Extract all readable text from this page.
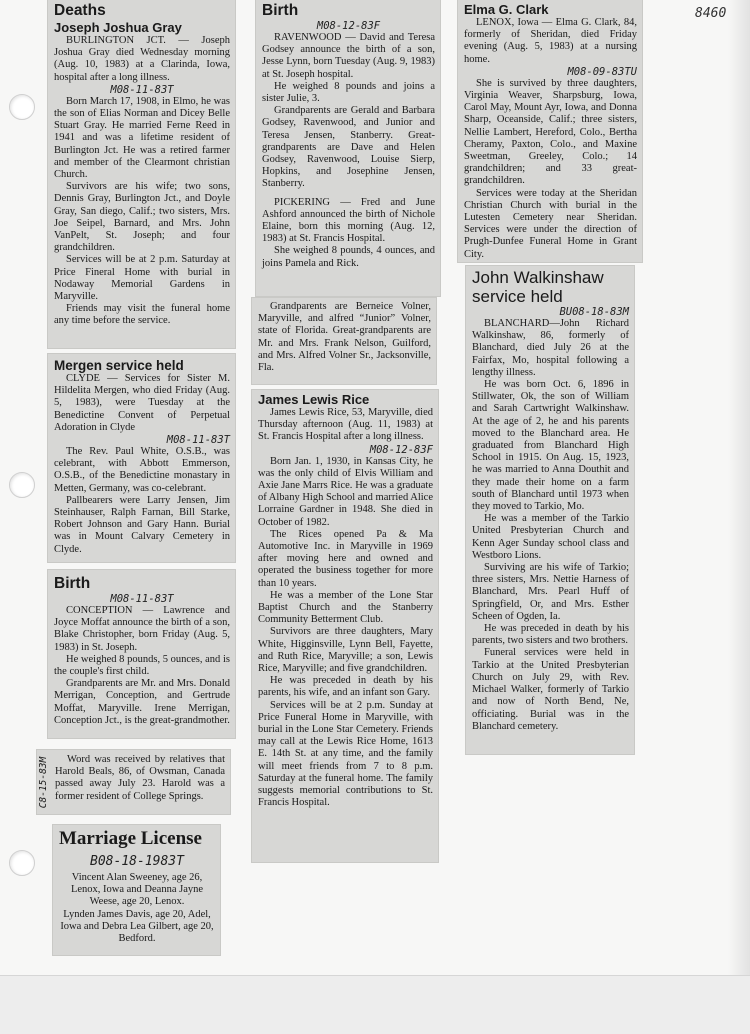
8460
Deaths
Joseph Joshua Gray

BURLINGTON JCT. — Joseph Joshua Gray died Wednesday morning (Aug. 10, 1983) at a Clarinda, Iowa, hospital after a long illness.

M08-11-83T

Born March 17, 1908, in Elmo, he was the son of Elias Norman and Dicey Belle Stuart Gray. He married Ferne Reed in 1941 and was a lifetime resident of Burlington Jct. He was a retired farmer and member of the Clearmont christian Church.

Survivors are his wife; two sons, Dennis Gray, Burlington Jct., and Doyle Gray, San diego, Calif.; two sisters, Mrs. Joe Seipel, Barnard, and Mrs. John VanPelt, St. Joseph; and four grandchildren.

Services will be at 2 p.m. Saturday at Price Fineral Home with burial in Nodaway Memorial Gardens in Maryville.

Friends may visit the funeral home any time before the service.

Mergen service held

CLYDE — Services for Sister M. Hildelita Mergen, who died Friday (Aug. 5, 1983), were Tuesday at the Benedictine Convent of Perpetual Adoration in Clyde

M08-11-83T

The Rev. Paul White, O.S.B., was celebrant, with Abbott Emmerson, O.S.B., of the Benedictine monastary in Metten, Germany, was co-celebrant.

Pallbearers were Larry Jensen, Jim Steinhauser, Ralph Farnan, Bill Starke, Robert Johnson and Gary Hann. Burial was in Mount Calvary Cemetery in Clyde.

Birth
M08-11-83T

CONCEPTION — Lawrence and Joyce Moffat announce the birth of a son, Blake Christopher, born Friday (Aug. 5, 1983) in St. Joseph.

He weighed 8 pounds, 5 ounces, and is the couple's first child.

Grandparents are Mr. and Mrs. Donald Merrigan, Conception, and Gertrude Moffat, Maryville. Irene Merrigan, Conception Jct., is the great-grandmother.

C8-15-83M	Word was received by relatives that Harold Beals, 86, of Owsman, Canada passed away July 23. Harold was a former resident of College Springs.

Marriage License
B08-18-1983T

Vincent Alan Sweeney, age 26, Lenox, Iowa and Deanna Jayne Weese, age 20, Lenox.

Lynden James Davis, age 20, Adel, Iowa and Debra Lea Gilbert, age 20, Bedford.

Birth
M08-12-83F

RAVENWOOD — David and Teresa Godsey announce the birth of a son, Jesse Lynn, born Tuesday (Aug. 9, 1983) at St. Joseph hospital.

He weighed 8 pounds and joins a sister Julie, 3.

Grandparents are Gerald and Barbara Godsey, Ravenwood, and Junior and Teresa Jensen, Stanberry. Great-grandparents are Dave and Helen Godsey, Ravenwood, Louise Sierp, Hopkins, and Josephine Jensen, Stanberry.

PICKERING — Fred and June Ashford announced the birth of Nichole Elaine, born this morning (Aug. 12, 1983) at St. Francis Hospital.

She weighed 8 pounds, 4 ounces, and joins Pamela and Rick.

Grandparents are Berneice Volner, Maryville, and alfred “Junior” Volner, state of Florida. Great-grandparents are Mr. and Mrs. Frank Nelson, Guilford, and Mrs. Alfred Volner Sr., Jacksonville, Fla.

James Lewis Rice

James Lewis Rice, 53, Maryville, died Thursday afternoon (Aug. 11, 1983) at St. Francis Hospital after a long illness.

M08-12-83F

Born Jan. 1, 1930, in Kansas City, he was the only child of Elvis William and Axie Jane Marrs Rice. He was a graduate of Albany High School and married Alice Lorraine Gardner in 1948. She died in October of 1982.

The Rices opened Pa & Ma Automotive Inc. in Maryville in 1969 after moving here and owned and operated the business together for more than 10 years.

He was a member of the Lone Star Baptist Church and the Stanberry Community Betterment Club.

Survivors are three daughters, Mary White, Higginsville, Lynn Bell, Fayette, and Ruth Rice, Maryville; a son, Lewis Rice, Maryville; and five grandchildren.

He was preceded in death by his parents, his wife, and an infant son Gary.

Services will be at 2 p.m. Sunday at Price Funeral Home in Maryville, with burial in the Lone Star Cemetery. Friends may call at the Lewis Rice Home, 1613 E. 14th St. at any time, and the family will meet friends from 7 to 8 p.m. Saturday at the funeral home. The family suggests memorial contributions to St. Francis Hospital.

Elma G. Clark

LENOX, Iowa — Elma G. Clark, 84, formerly of Sheridan, died Friday evening (Aug. 5, 1983) at a nursing home.

M08-09-83TU

She is survived by three daughters, Virginia Weaver, Sharpsburg, Iowa, Carol May, Mount Ayr, Iowa, and Donna Sharp, Oceanside, Calif.; three sisters, Nellie Lambert, Hereford, Colo., Bertha Cheramy, Paxton, Colo., and Maxine Sweetman, Greeley, Colo.; 14 grandchildren; and 33 great-grandchildren.

Services were today at the Sheridan Christian Church with burial in the Lutesten Cemetery near Sheridan. Services were under the direction of Prugh-Dunfee Funeral Home in Grant City.

John Walkinshaw service held
BU08-18-83M

BLANCHARD—John Richard Walkinshaw, 86, formerly of Blanchard, died July 26 at the Fairfax, Mo, hospital following a lengthy illness.

He was born Oct. 6, 1896 in Stillwater, Ok, the son of William and Sarah Cartwright Walkinshaw. At the age of 2, he and his parents moved to the Blanchard area. He graduated from Blanchard High School in 1915. On Aug. 15, 1923, he was married to Anna Douthit and they made their home on a farm south of Blanchard until 1973 when they moved to Tarkio, Mo.

He was a member of the Tarkio United Presbyterian Church and Kenn Ager Sunday school class and Westboro Lions.

Surviving are his wife of Tarkio; three sisters, Mrs. Nettie Harness of Blanchard, Mrs. Pearl Huff of Springfield, Or, and Mrs. Esther Scheen of Ogden, Ia.

He was preceded in death by his parents, two sisters and two brothers.

Funeral services were held in Tarkio at the United Presbyterian Church on July 29, with Rev. Michael Walker, formerly of Tarkio and now of North Bend, Ne, officiating. Burial was in the Blanchard cemetery.
